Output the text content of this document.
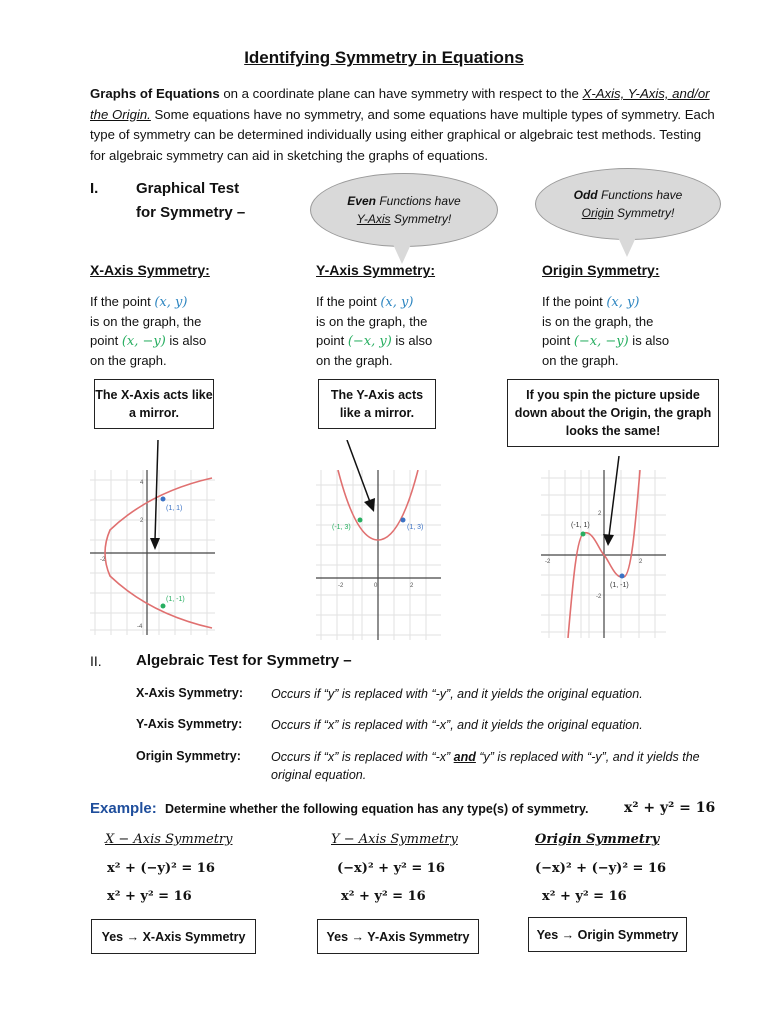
Identifying Symmetry in Equations
Graphs of Equations on a coordinate plane can have symmetry with respect to the X-Axis, Y-Axis, and/or the Origin. Some equations have no symmetry, and some equations have multiple types of symmetry. Each type of symmetry can be determined individually using either graphical or algebraic test methods. Testing for algebraic symmetry can aid in sketching the graphs of equations.
I.	Graphical Test
for Symmetry –
Even Functions have
Y-Axis Symmetry!
Odd Functions have
Origin Symmetry!
X-Axis Symmetry:
If the point (x, y)
is on the graph, the
point (x, −y) is also
on the graph.
The X-Axis acts like a mirror.
Y-Axis Symmetry:
If the point (x, y)
is on the graph, the
point (−x, y) is also
on the graph.
The Y-Axis acts like a mirror.
Origin Symmetry:
If the point (x, y)
is on the graph, the
point (−x, −y) is also
on the graph.
If you spin the picture upside down about the Origin, the graph looks the same!
(1, 1)
(1, -1)
4
2
-2
-4
(1, 3)
(-1, 3)
-2	0	2	(1, -1)
(-1, 1)
2
-2	2
-2
II. Algebraic Test for Symmetry –
X-Axis Symmetry: Occurs if “y” is replaced with “-y”, and it yields the original equation.
Y-Axis Symmetry: Occurs if “x” is replaced with “-x”, and it yields the original equation.
Origin Symmetry: Occurs if “x” is replaced with “-x” and “y” is replaced with “-y”, and it yields the original equation.
Example: Determine whether the following equation has any type(s) of symmetry.	x² + y² = 16
X − Axis Symmetry
x² + (−y)² = 16
x² + y² = 16
Yes → X-Axis Symmetry
Y − Axis Symmetry
(−x)² + y² = 16
x² + y² = 16
Yes → Y-Axis Symmetry
Origin Symmetry
(−x)² + (−y)² = 16
x² + y² = 16
Yes → Origin Symmetry
